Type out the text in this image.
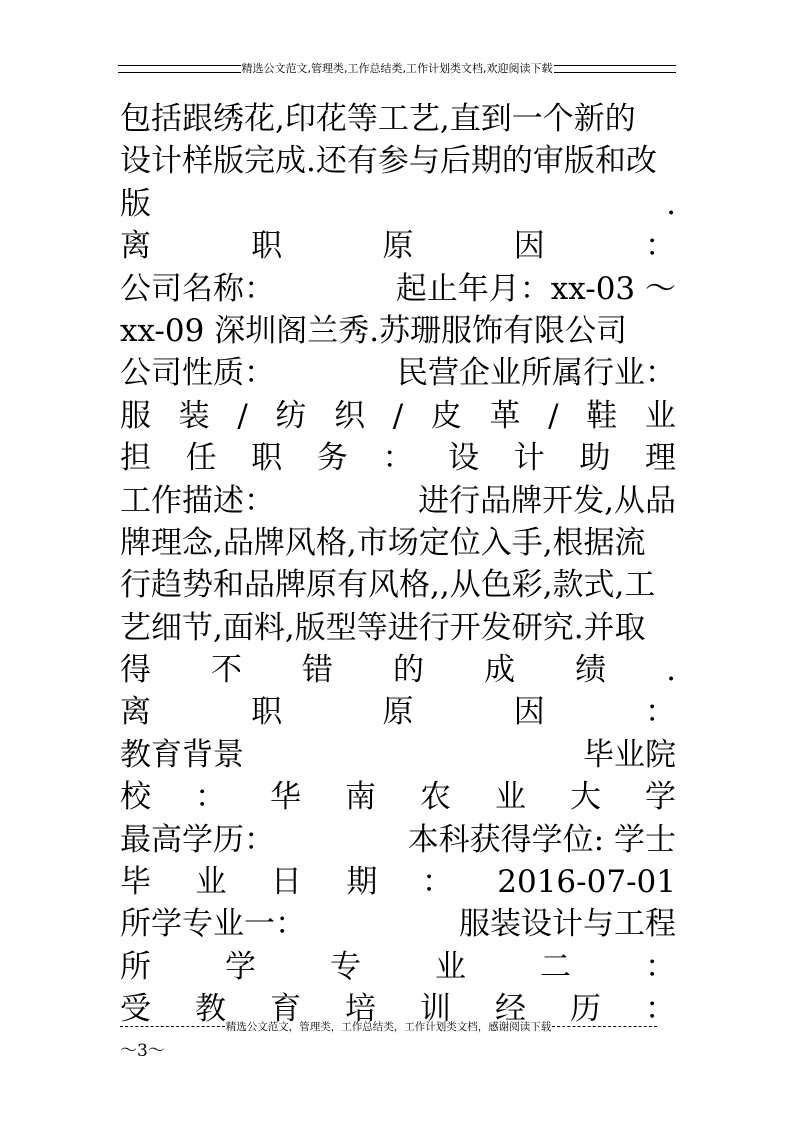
精选公文范文,管理类,工作总结类,工作计划类文档,欢迎阅读下载
包括跟绣花,印花等工艺,直到一个新的
设计样版完成.还有参与后期的审版和改
版	.
离	职	原	因	：
公司名称：	起止年月：xx-03 ～
xx-09 深圳阁兰秀.苏珊服饰有限公司
公司性质：	民营企业所属行业：
服 装 / 纺 织 / 皮 革 / 鞋 业
担 任 职 务 ： 设 计 助 理
工作描述：	进行品牌开发,从品
牌理念,品牌风格,市场定位入手,根据流
行趋势和品牌原有风格,,从色彩,款式,工
艺细节,面料,版型等进行开发研究.并取
得 不 错 的 成 绩 .
离	职	原	因	：
教育背景	毕业院
校 ： 华 南 农 业 大 学
最高学历：	本科获得学位: 学士
毕 业 日 期 ： 2016-07-01
所学专业一：	服装设计与工程
所 学 专 业 二 ：
受 教 育 培 训 经 历 ：
精选公文范文，管理类，工作总结类，工作计划类文档，感谢阅读下载
～3～
